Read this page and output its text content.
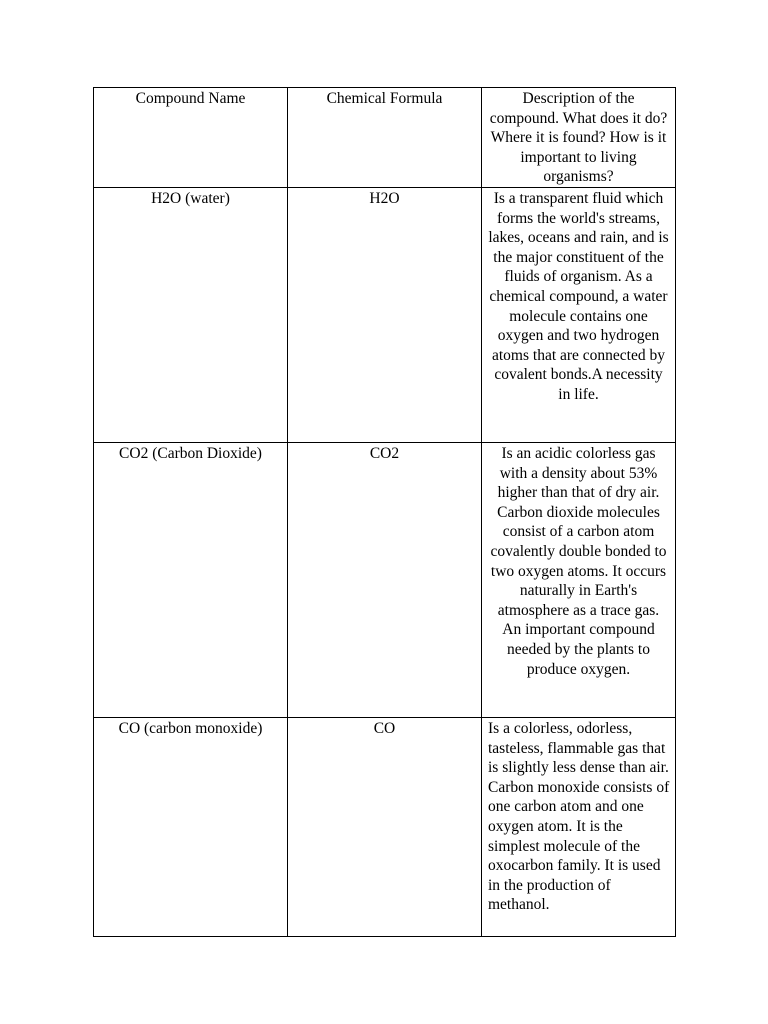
Compound Name	Chemical Formula	Description of the compound. What does it do? Where it is found? How is it important to living organisms?

H2O (water)	H2O	Is a transparent fluid which forms the world's streams, lakes, oceans and rain, and is the major constituent of the fluids of organism. As a chemical compound, a water molecule contains one oxygen and two hydrogen atoms that are connected by covalent bonds.A necessity in life.

CO2 (Carbon Dioxide)	CO2	Is an acidic colorless gas with a density about 53% higher than that of dry air. Carbon dioxide molecules consist of a carbon atom covalently double bonded to two oxygen atoms. It occurs naturally in Earth's atmosphere as a trace gas. An important compound needed by the plants to produce oxygen.

CO (carbon monoxide)	CO	Is a colorless, odorless, tasteless, flammable gas that is slightly less dense than air. Carbon monoxide consists of one carbon atom and one oxygen atom. It is the simplest molecule of the oxocarbon family. It is used in the production of methanol.
